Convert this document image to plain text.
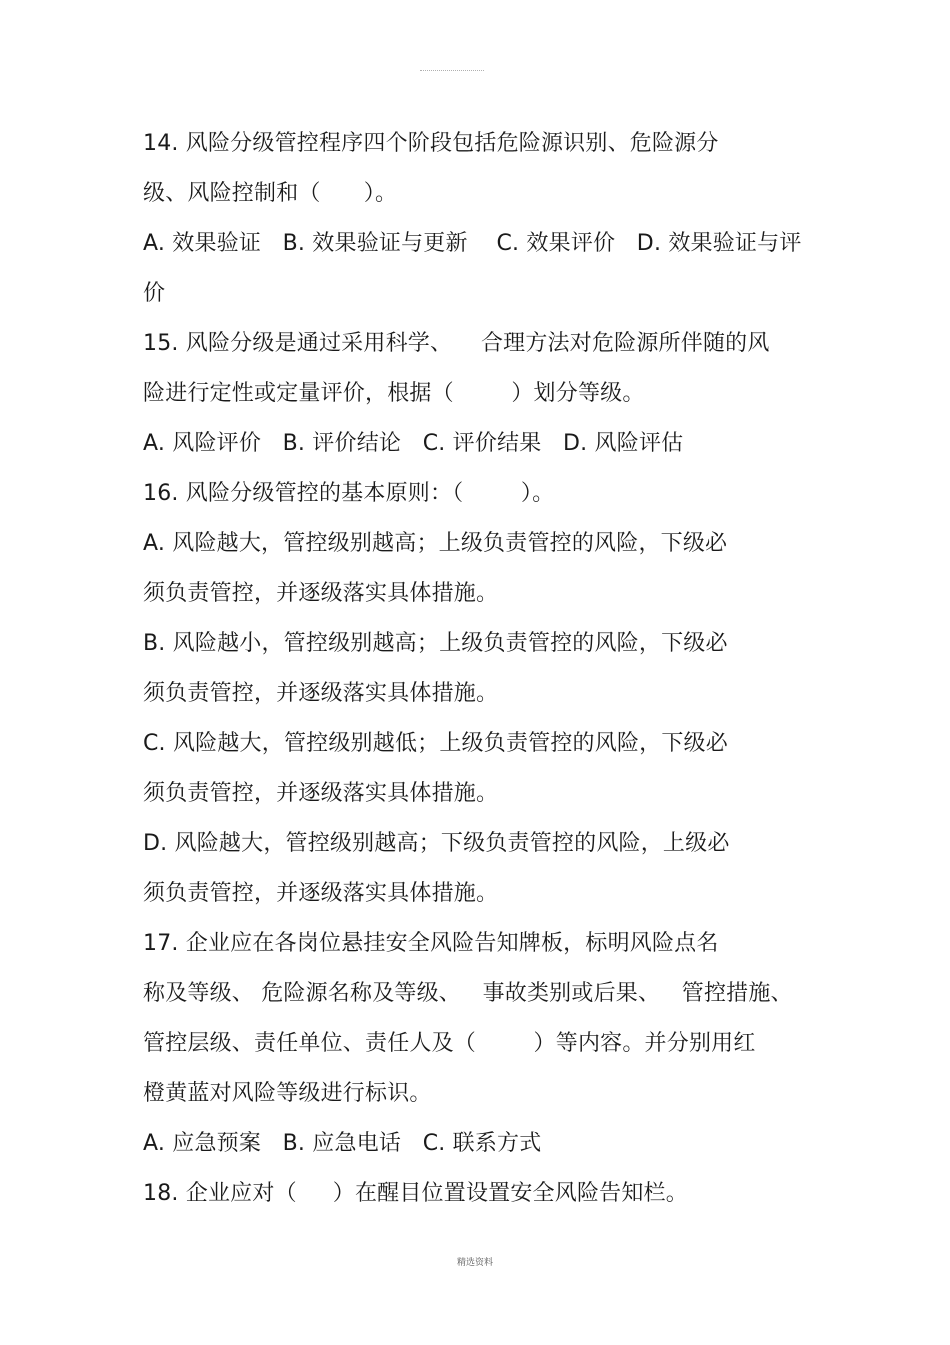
14. 风险分级管控程序四个阶段包括危险源识别、危险源分
级、风险控制和（      ）。
A. 效果验证   B. 效果验证与更新    C. 效果评价   D. 效果验证与评
价
15. 风险分级是通过采用科学、    合理方法对危险源所伴随的风
险进行定性或定量评价，根据（        ）划分等级。
A. 风险评价   B. 评价结论   C. 评价结果   D. 风险评估
16. 风险分级管控的基本原则：（        ）。
A. 风险越大，管控级别越高；上级负责管控的风险，下级必
须负责管控，并逐级落实具体措施。
B. 风险越小，管控级别越高；上级负责管控的风险，下级必
须负责管控，并逐级落实具体措施。
C. 风险越大，管控级别越低；上级负责管控的风险，下级必
须负责管控，并逐级落实具体措施。
D. 风险越大，管控级别越高；下级负责管控的风险，上级必
须负责管控，并逐级落实具体措施。
17. 企业应在各岗位悬挂安全风险告知牌板，标明风险点名
称及等级、 危险源名称及等级、   事故类别或后果、   管控措施、
管控层级、责任单位、责任人及（        ）等内容。并分别用红
橙黄蓝对风险等级进行标识。
A. 应急预案   B. 应急电话   C. 联系方式
18. 企业应对（     ）在醒目位置设置安全风险告知栏。
精选资料
